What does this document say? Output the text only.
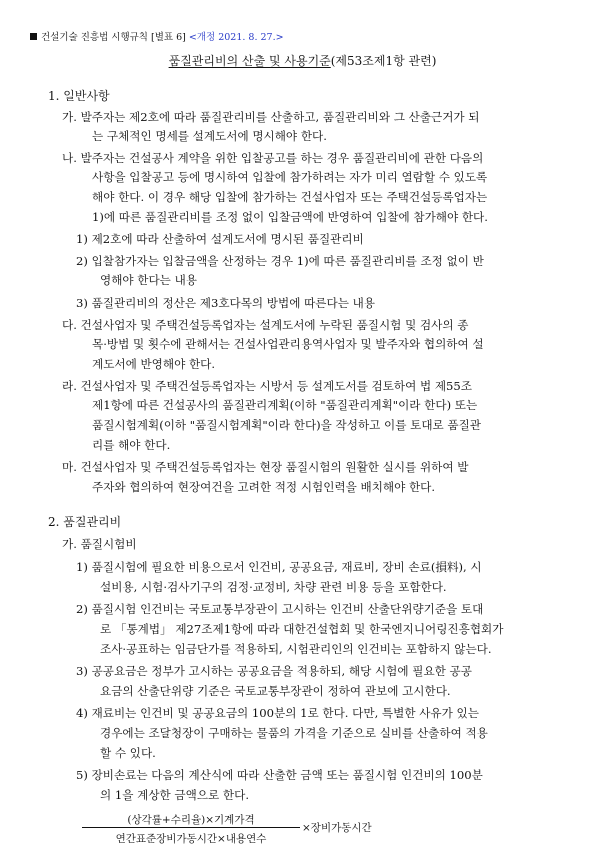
건설기술 진흥법 시행규칙 [별표 6] <개정 2021. 8. 27.>
품질관리비의 산출 및 사용기준(제53조제1항 관련)
1. 일반사항
가. 발주자는 제2호에 따라 품질관리비를 산출하고, 품질관리비와 그 산출근거가 되
는 구체적인 명세를 설계도서에 명시해야 한다.
나. 발주자는 건설공사 계약을 위한 입찰공고를 하는 경우 품질관리비에 관한 다음의
사항을 입찰공고 등에 명시하여 입찰에 참가하려는 자가 미리 열람할 수 있도록
해야 한다. 이 경우 해당 입찰에 참가하는 건설사업자 또는 주택건설등록업자는
1)에 따른 품질관리비를 조정 없이 입찰금액에 반영하여 입찰에 참가해야 한다.
1) 제2호에 따라 산출하여 설계도서에 명시된 품질관리비
2) 입찰참가자는 입찰금액을 산정하는 경우 1)에 따른 품질관리비를 조정 없이 반
영해야 한다는 내용
3) 품질관리비의 정산은 제3호다목의 방법에 따른다는 내용
다. 건설사업자 및 주택건설등록업자는 설계도서에 누락된 품질시험 및 검사의 종
목·방법 및 횟수에 관해서는 건설사업관리용역사업자 및 발주자와 협의하여 설
계도서에 반영해야 한다.
라. 건설사업자 및 주택건설등록업자는 시방서 등 설계도서를 검토하여 법 제55조
제1항에 따른 건설공사의 품질관리계획(이하 "품질관리계획"이라 한다) 또는
품질시험계획(이하 "품질시험계획"이라 한다)을 작성하고 이를 토대로 품질관
리를 해야 한다.
마. 건설사업자 및 주택건설등록업자는 현장 품질시험의 원활한 실시를 위하여 발
주자와 협의하여 현장여건을 고려한 적정 시험인력을 배치해야 한다.
2. 품질관리비
가. 품질시험비
1) 품질시험에 필요한 비용으로서 인건비, 공공요금, 재료비, 장비 손료(損料), 시
설비용, 시험·검사기구의 검정·교정비, 차량 관련 비용 등을 포함한다.
2) 품질시험 인건비는 국토교통부장관이 고시하는 인건비 산출단위량기준을 토대
로 「통계법」 제27조제1항에 따라 대한건설협회 및 한국엔지니어링진흥협회가
조사·공표하는 임금단가를 적용하되, 시험관리인의 인건비는 포함하지 않는다.
3) 공공요금은 정부가 고시하는 공공요금을 적용하되, 해당 시험에 필요한 공공
요금의 산출단위량 기준은 국토교통부장관이 정하여 관보에 고시한다.
4) 재료비는 인건비 및 공공요금의 100분의 1로 한다. 다만, 특별한 사유가 있는
경우에는 조달청장이 구매하는 물품의 가격을 기준으로 실비를 산출하여 적용
할 수 있다.
5) 장비손료는 다음의 계산식에 따라 산출한 금액 또는 품질시험 인건비의 100분
의 1을 계상한 금액으로 한다.
(상각률+수리율)×기계가격
연간표준장비가동시간×내용연수
×장비가동시간
